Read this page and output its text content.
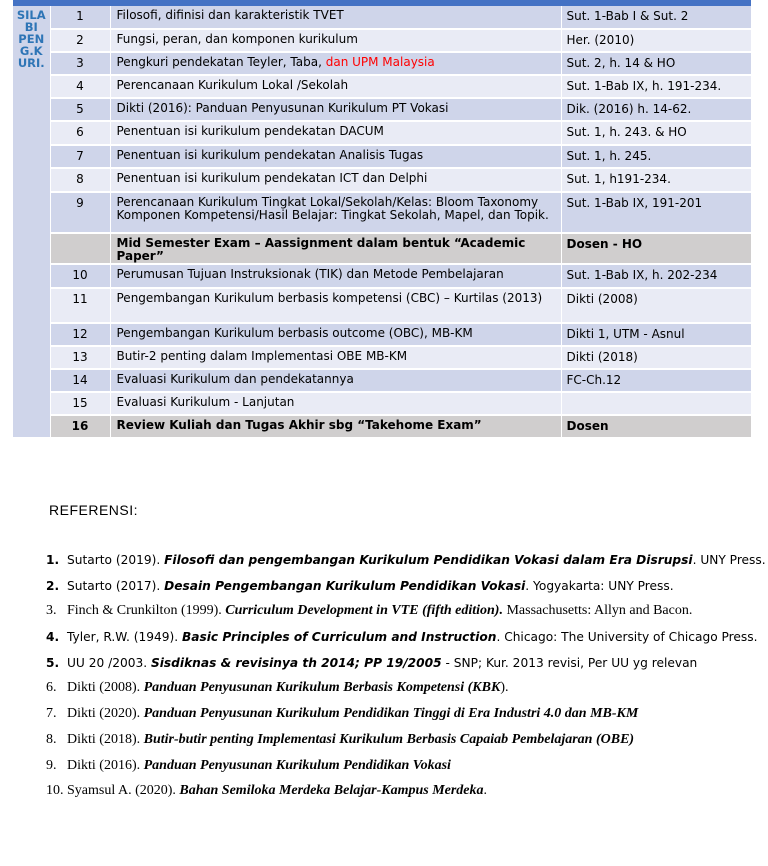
SILA
BI
PEN
G.K
URI.	1	Filosofi, difinisi dan karakteristik TVET	Sut. 1-Bab I & Sut. 2
	2	Fungsi, peran, dan komponen kurikulum	Her. (2010)
	3	Pengkuri pendekatan Teyler, Taba, dan UPM Malaysia	Sut. 2, h. 14 & HO
	4	Perencanaan Kurikulum Lokal /Sekolah	Sut. 1-Bab IX, h. 191-234.
	5	Dikti (2016): Panduan Penyusunan Kurikulum PT Vokasi	Dik. (2016) h. 14-62.
	6	Penentuan isi kurikulum pendekatan DACUM	Sut. 1, h. 243. & HO
	7	Penentuan isi kurikulum pendekatan Analisis Tugas	Sut. 1, h. 245.
	8	Penentuan isi kurikulum pendekatan ICT dan Delphi	Sut. 1, h191-234.
	9	Perencanaan Kurikulum Tingkat Lokal/Sekolah/Kelas: Bloom Taxonomy
Komponen Kompetensi/Hasil Belajar: Tingkat Sekolah, Mapel, dan Topik.	Sut. 1-Bab IX, 191-201
		Mid Semester Exam – Aassignment dalam bentuk “Academic Paper”	Dosen - HO
	10	Perumusan Tujuan Instruksionak (TIK) dan Metode Pembelajaran	Sut. 1-Bab IX, h. 202-234
	11	Pengembangan Kurikulum berbasis kompetensi (CBC) – Kurtilas (2013)	Dikti (2008)
	12	Pengembangan Kurikulum berbasis outcome (OBC), MB-KM	Dikti 1, UTM - Asnul
	13	Butir-2 penting dalam Implementasi OBE MB-KM	Dikti (2018)
	14	Evaluasi Kurikulum dan pendekatannya	FC-Ch.12
	15	Evaluasi Kurikulum - Lanjutan	
	16	Review Kuliah dan Tugas Akhir sbg “Takehome Exam”	Dosen
REFERENSI:
1. Sutarto (2019). Filosofi dan pengembangan Kurikulum Pendidikan Vokasi dalam Era Disrupsi. UNY Press.
2. Sutarto (2017). Desain Pengembangan Kurikulum Pendidikan Vokasi. Yogyakarta: UNY Press.
3. Finch & Crunkilton (1999). Curriculum Development in VTE (fifth edition). Massachusetts: Allyn and Bacon.
4. Tyler, R.W. (1949). Basic Principles of Curriculum and Instruction. Chicago: The University of Chicago Press.
5. UU 20 /2003. Sisdiknas & revisinya th 2014; PP 19/2005 - SNP; Kur. 2013 revisi, Per UU yg relevan
6. Dikti (2008). Panduan Penyusunan Kurikulum Berbasis Kompetensi (KBK).
7. Dikti (2020). Panduan Penyusunan Kurikulum Pendidikan Tinggi di Era Industri 4.0 dan MB-KM
8. Dikti (2018). Butir-butir penting Implementasi Kurikulum Berbasis Capaiab Pembelajaran (OBE)
9. Dikti (2016). Panduan Penyusunan Kurikulum Pendidikan Vokasi
10. Syamsul A. (2020). Bahan Semiloka Merdeka Belajar-Kampus Merdeka.
